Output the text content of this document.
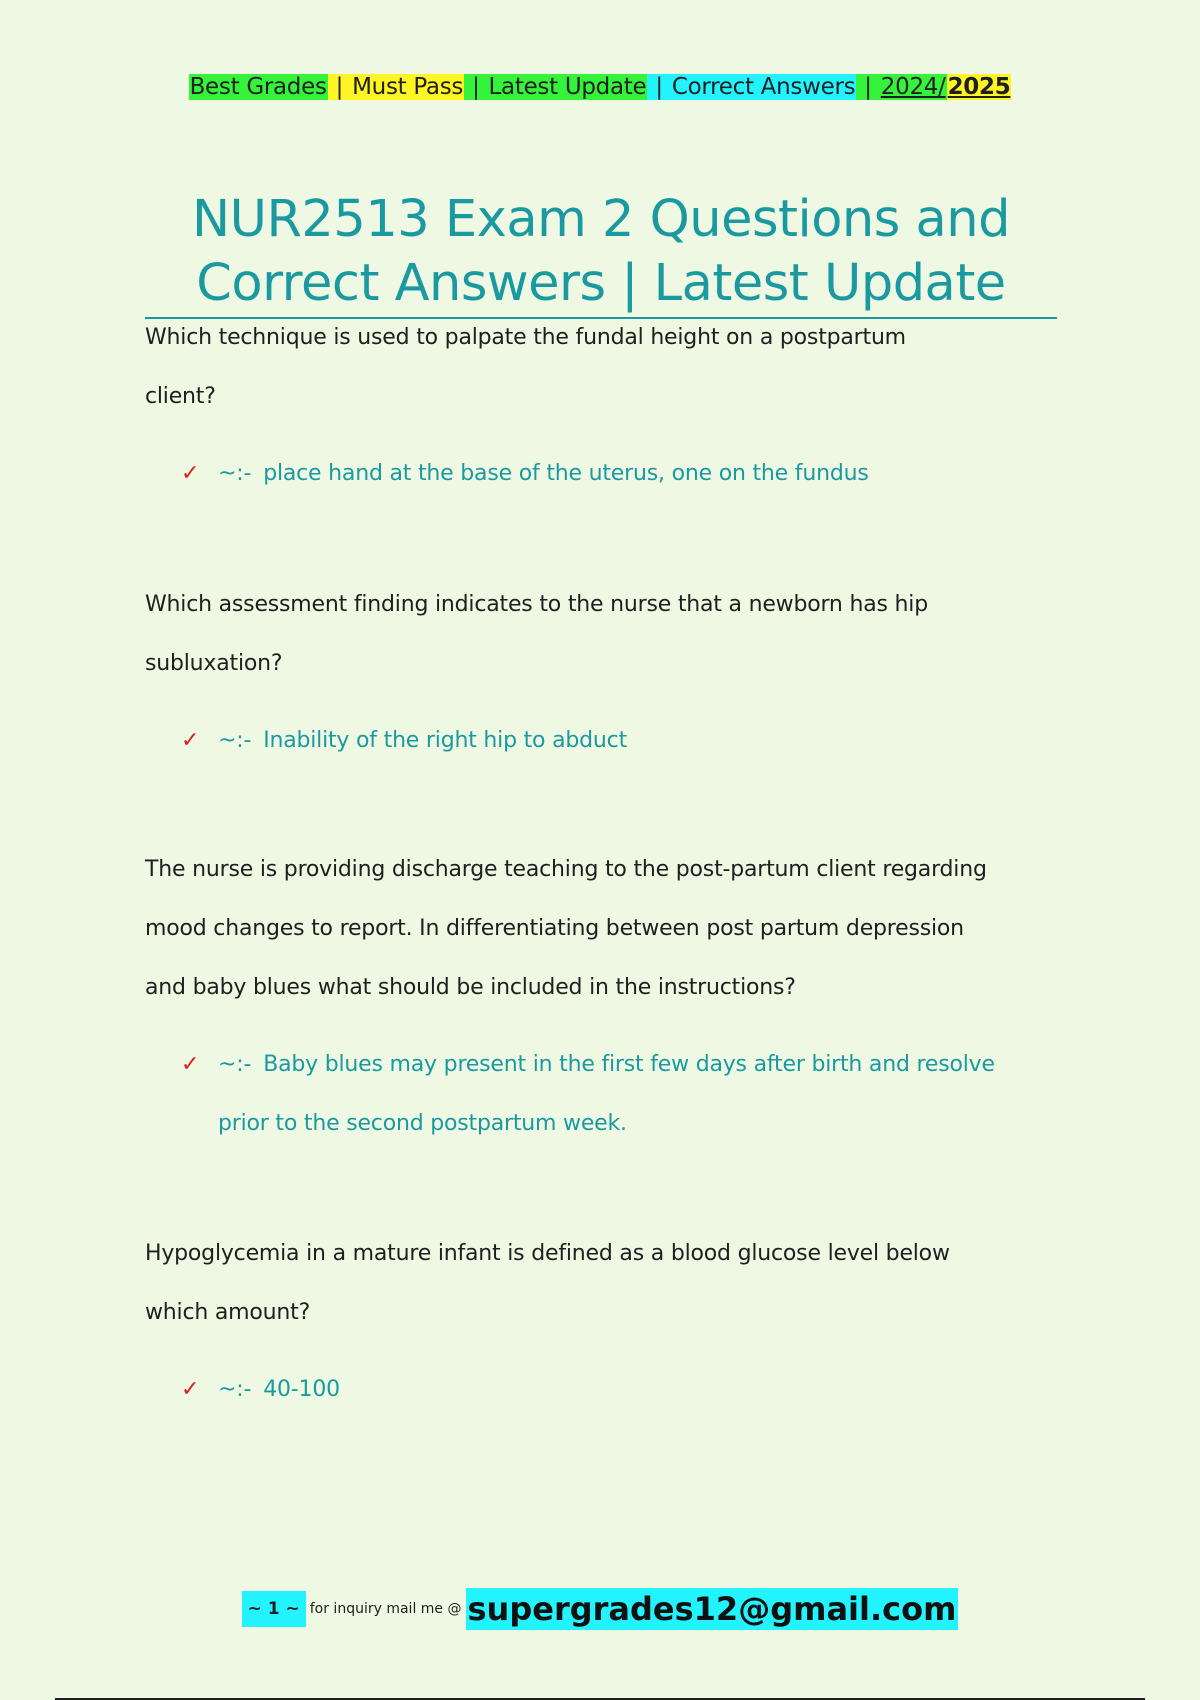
Best Grades | Must Pass | Latest Update | Correct Answers | 2024/2025
NUR2513 Exam 2 Questions and
Correct Answers | Latest Update
Which technique is used to palpate the fundal height on a postpartum
client?
✓ ~:- place hand at the base of the uterus, one on the fundus
Which assessment finding indicates to the nurse that a newborn has hip
subluxation?
✓ ~:- Inability of the right hip to abduct
The nurse is providing discharge teaching to the post-partum client regarding
mood changes to report. In differentiating between post partum depression
and baby blues what should be included in the instructions?
✓ ~:- Baby blues may present in the first few days after birth and resolve
prior to the second postpartum week.
Hypoglycemia in a mature infant is defined as a blood glucose level below
which amount?
✓ ~:- 40-100
~ 1 ~ for inquiry mail me @ supergrades12@gmail.com
